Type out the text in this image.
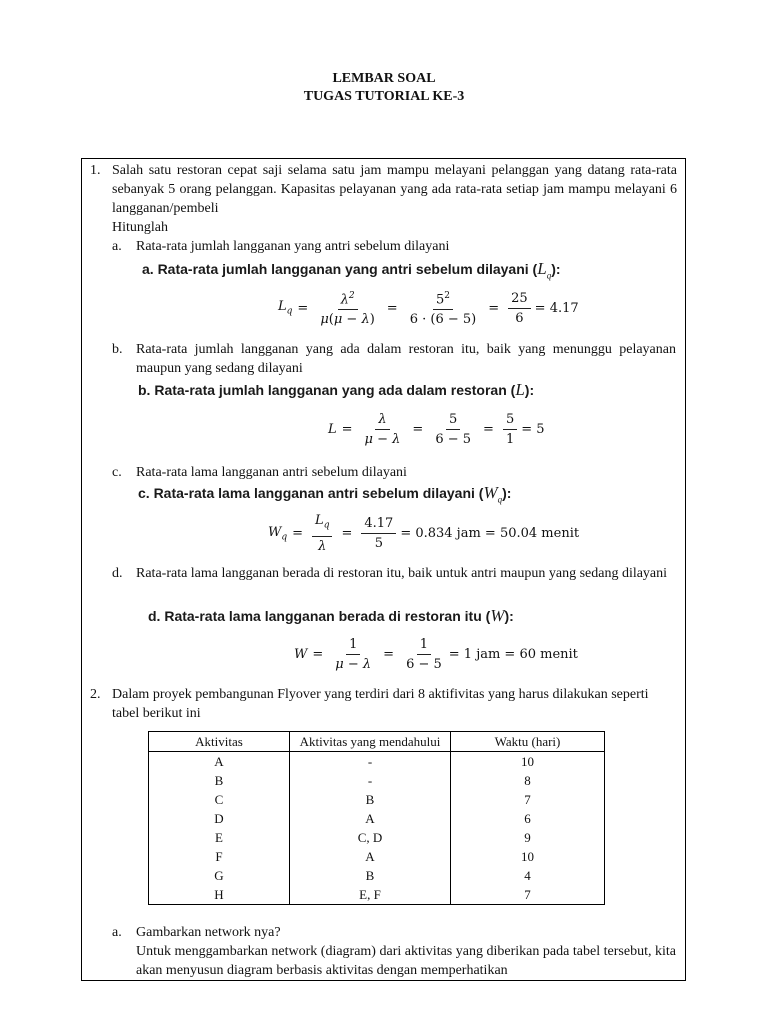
LEMBAR SOAL
TUGAS TUTORIAL KE-3
1. Salah satu restoran cepat saji selama satu jam mampu melayani pelanggan yang datang rata-rata sebanyak 5 orang pelanggan. Kapasitas pelayanan yang ada rata-rata setiap jam mampu melayani 6 langganan/pembeli
Hitunglah
a. Rata-rata jumlah langganan yang antri sebelum dilayani
a. Rata-rata jumlah langganan yang antri sebelum dilayani $(L_q)$:
$L_q = \frac{\lambda^2}{\mu(\mu - \lambda)} = \frac{5^2}{6 \cdot (6 - 5)} = \frac{25}{6} = 4.17$
b. Rata-rata jumlah langganan yang ada dalam restoran itu, baik yang menunggu pelayanan maupun yang sedang dilayani
b. Rata-rata jumlah langganan yang ada dalam restoran (L):
$L = \frac{\lambda}{\mu - \lambda} = \frac{5}{6 - 5} = \frac{5}{1} = 5$
c. Rata-rata lama langganan antri sebelum dilayani
c. Rata-rata lama langganan antri sebelum dilayani $(W_q)$:
$W_q = \frac{L_q}{\lambda} = \frac{4.17}{5} = 0.834$ jam = 50.04 menit
d. Rata-rata lama langganan berada di restoran itu, baik untuk antri maupun yang sedang dilayani
d. Rata-rata lama langganan berada di restoran itu (W):
$W = \frac{1}{\mu - \lambda} = \frac{1}{6 - 5} = 1$ jam = 60 menit
2. Dalam proyek pembangunan Flyover yang terdiri dari 8 aktifivitas yang harus dilakukan seperti tabel berikut ini
Aktivitas	Aktivitas yang mendahului	Waktu (hari)
A	-	10
B	-	8
C	B	7
D	A	6
E	C, D	9
F	A	10
G	B	4
H	E, F	7
a. Gambarkan network nya?
Untuk menggambarkan network (diagram) dari aktivitas yang diberikan pada tabel tersebut, kita akan menyusun diagram berbasis aktivitas dengan memperhatikan
